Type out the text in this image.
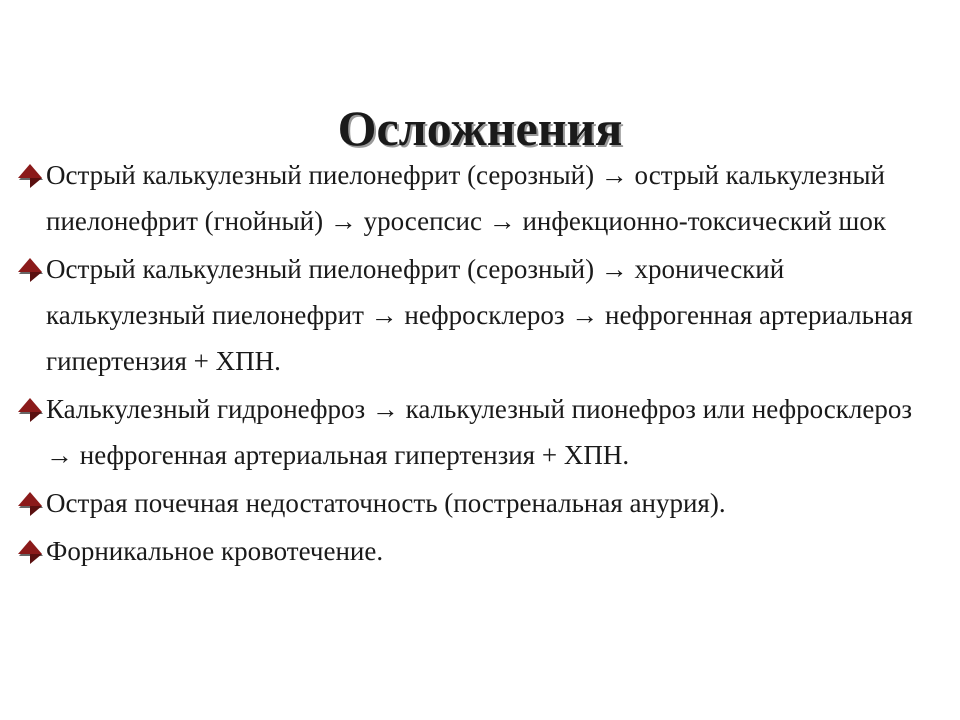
Осложнения
Острый калькулезный пиелонефрит (серозный) → острый калькулезный пиелонефрит (гнойный) → уросепсис → инфекционно-токсический шок
Острый калькулезный пиелонефрит (серозный) → хронический калькулезный пиелонефрит → нефросклероз → нефрогенная артериальная гипертензия + ХПН.
Калькулезный гидронефроз → калькулезный пионефроз или нефросклероз → нефрогенная артериальная гипертензия + ХПН.
Острая почечная недостаточность (постренальная анурия).
Форникальное кровотечение.
